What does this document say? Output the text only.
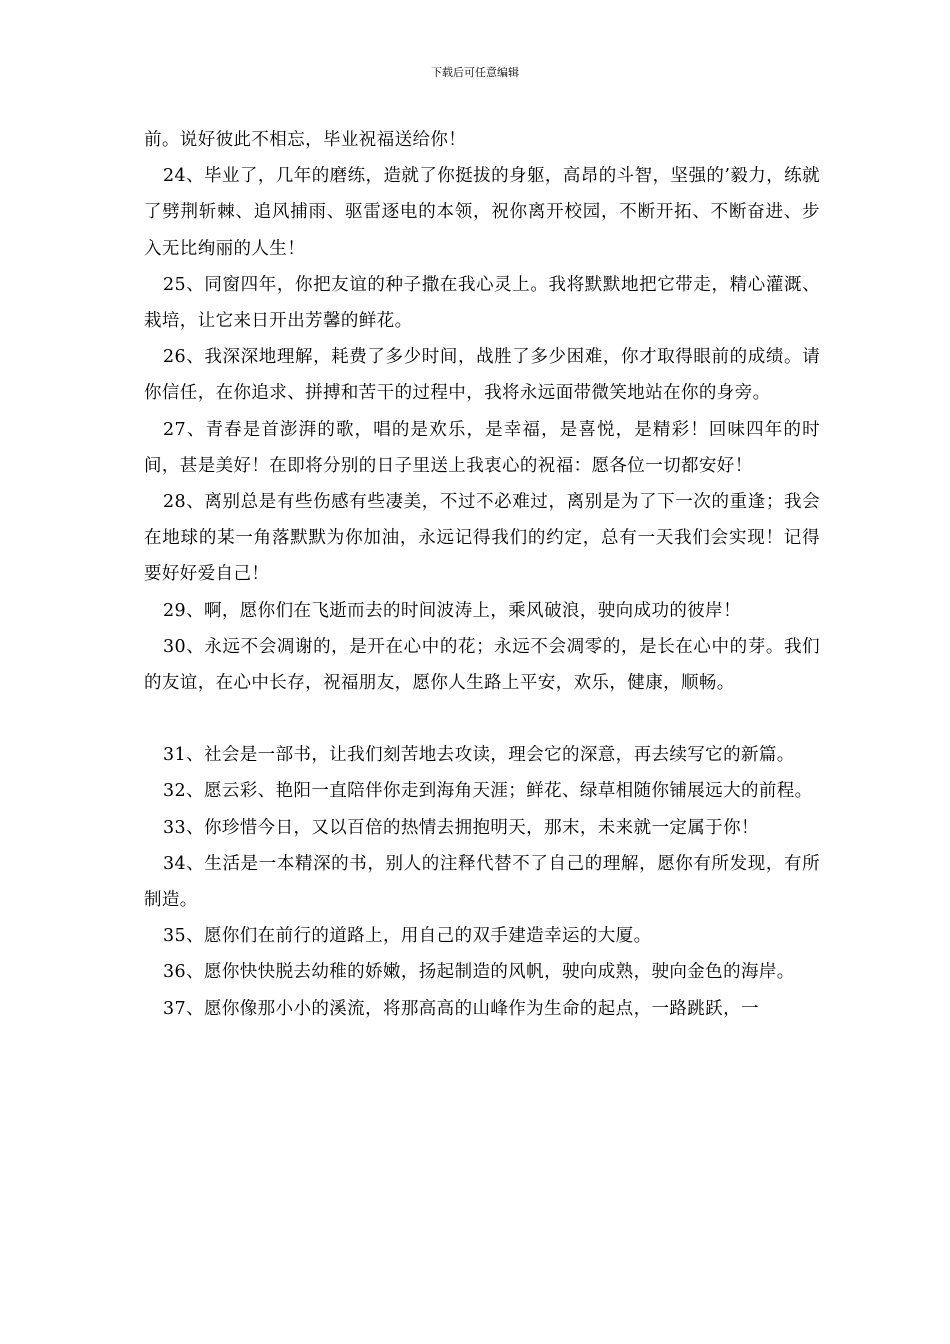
下载后可任意编辑

前。说好彼此不相忘，毕业祝福送给你！

24、毕业了，几年的磨练，造就了你挺拔的身躯，高昂的斗智，坚强的’毅力，练就了劈荆斩棘、追风捕雨、驱雷逐电的本领，祝你离开校园，不断开拓、不断奋进、步入无比绚丽的人生！

25、同窗四年，你把友谊的种子撒在我心灵上。我将默默地把它带走，精心灌溉、栽培，让它来日开出芳馨的鲜花。

26、我深深地理解，耗费了多少时间，战胜了多少困难，你才取得眼前的成绩。请你信任，在你追求、拼搏和苦干的过程中，我将永远面带微笑地站在你的身旁。

27、青春是首澎湃的歌，唱的是欢乐，是幸福，是喜悦，是精彩！回味四年的时间，甚是美好！在即将分别的日子里送上我衷心的祝福：愿各位一切都安好！

28、离别总是有些伤感有些凄美，不过不必难过，离别是为了下一次的重逢；我会在地球的某一角落默默为你加油，永远记得我们的约定，总有一天我们会实现！记得要好好爱自己！

29、啊，愿你们在飞逝而去的时间波涛上，乘风破浪，驶向成功的彼岸！

30、永远不会凋谢的，是开在心中的花；永远不会凋零的，是长在心中的芽。我们的友谊，在心中长存，祝福朋友，愿你人生路上平安，欢乐，健康，顺畅。

31、社会是一部书，让我们刻苦地去攻读，理会它的深意，再去续写它的新篇。

32、愿云彩、艳阳一直陪伴你走到海角天涯；鲜花、绿草相随你铺展远大的前程。

33、你珍惜今日，又以百倍的热情去拥抱明天，那末，未来就一定属于你！

34、生活是一本精深的书，别人的注释代替不了自己的理解，愿你有所发现，有所制造。

35、愿你们在前行的道路上，用自己的双手建造幸运的大厦。

36、愿你快快脱去幼稚的娇嫩，扬起制造的风帆，驶向成熟，驶向金色的海岸。

37、愿你像那小小的溪流，将那高高的山峰作为生命的起点，一路跳跃，一
